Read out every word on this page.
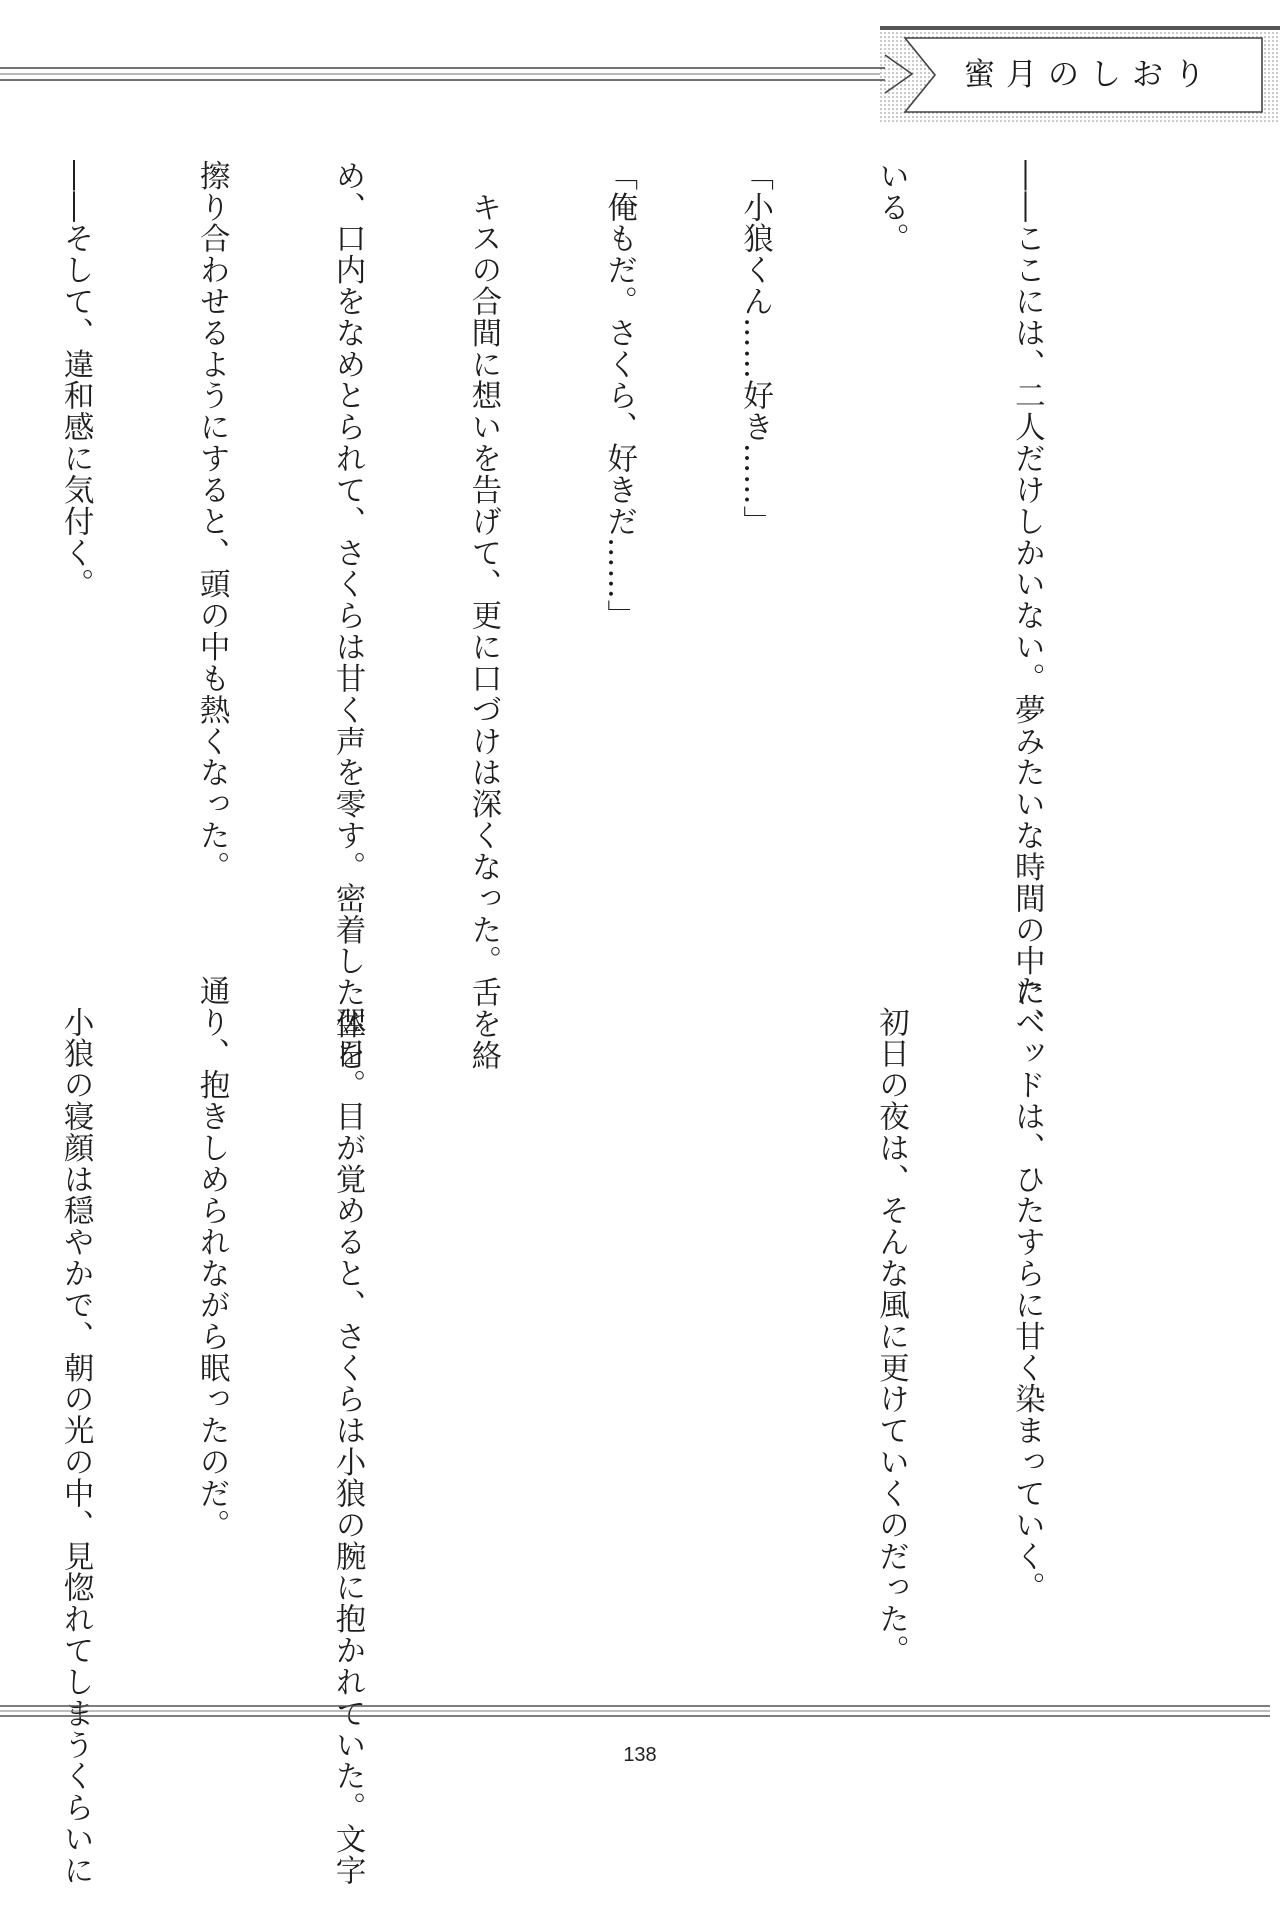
蜜月のしおり

――ここには、二人だけしかいない。夢みたいな時間の中に、

いる。

「小狼くん……好き……」

「俺もだ。さくら、好きだ……」

　キスの合間に想いを告げて、更に口づけは深くなった。舌を絡

め、口内をなめとられて、さくらは甘く声を零す。密着した体を

擦り合わせるようにすると、頭の中も熱くなった。

――そして、違和感に気付く。

たベッドは、ひたすらに甘く染まっていく。

　初日の夜は、そんな風に更けていくのだった。

　翌日。目が覚めると、さくらは小狼の腕に抱かれていた。文字

通り、抱きしめられながら眠ったのだ。

　小狼の寝顔は穏やかで、朝の光の中、見惚れてしまうくらいに

	138
